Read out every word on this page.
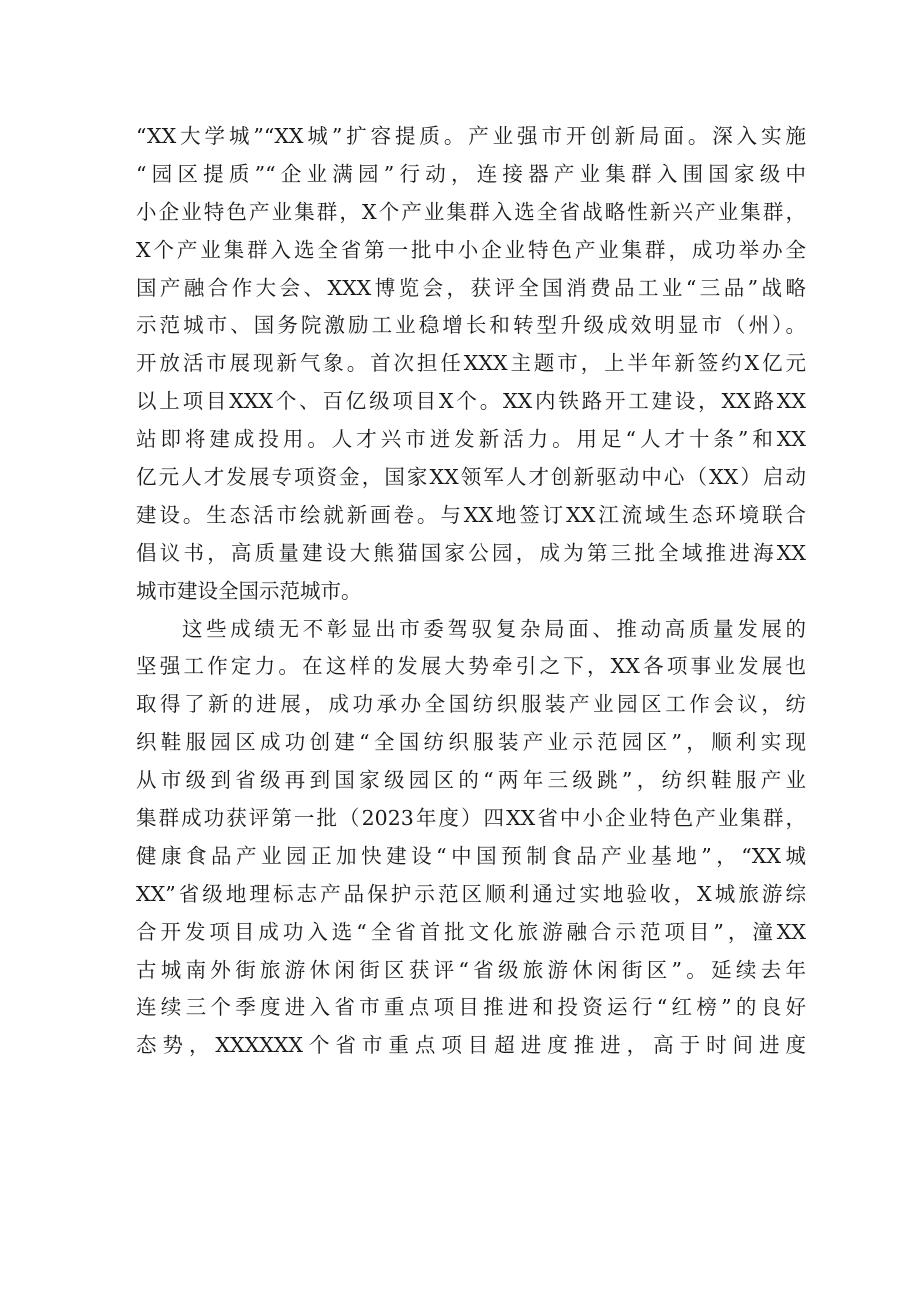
“XX大学城”“XX城”扩容提质。产业强市开创新局面。深入实施
“园区提质”“企业满园”行动，连接器产业集群入围国家级中
小企业特色产业集群，X个产业集群入选全省战略性新兴产业集群，
X个产业集群入选全省第一批中小企业特色产业集群，成功举办全
国产融合作大会、XXX博览会，获评全国消费品工业“三品”战略
示范城市、国务院激励工业稳增长和转型升级成效明显市（州）。
开放活市展现新气象。首次担任XXX主题市，上半年新签约X亿元
以上项目XXX个、百亿级项目X个。XX内铁路开工建设，XX路XX
站即将建成投用。人才兴市迸发新活力。用足“人才十条”和XX
亿元人才发展专项资金，国家XX领军人才创新驱动中心（XX）启动
建设。生态活市绘就新画卷。与XX地签订XX江流域生态环境联合
倡议书，高质量建设大熊猫国家公园，成为第三批全域推进海XX
城市建设全国示范城市。
这些成绩无不彰显出市委驾驭复杂局面、推动高质量发展的
坚强工作定力。在这样的发展大势牵引之下，XX各项事业发展也
取得了新的进展，成功承办全国纺织服装产业园区工作会议，纺
织鞋服园区成功创建“全国纺织服装产业示范园区”，顺利实现
从市级到省级再到国家级园区的“两年三级跳”，纺织鞋服产业
集群成功获评第一批（2023年度）四XX省中小企业特色产业集群，
健康食品产业园正加快建设“中国预制食品产业基地”，“XX城
XX”省级地理标志产品保护示范区顺利通过实地验收，X城旅游综
合开发项目成功入选“全省首批文化旅游融合示范项目”，潼XX
古城南外街旅游休闲街区获评“省级旅游休闲街区”。延续去年
连续三个季度进入省市重点项目推进和投资运行“红榜”的良好
态势，XXXXXX个省市重点项目超进度推进，高于时间进度
